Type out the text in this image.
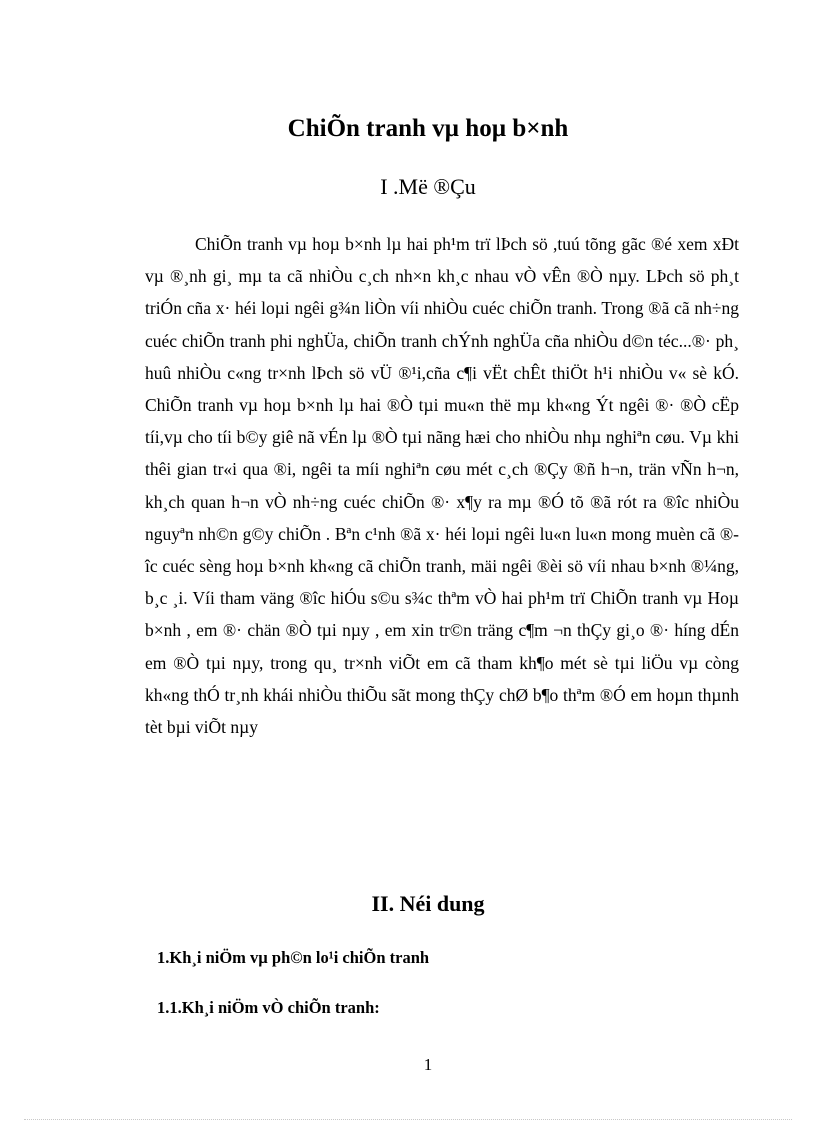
ChiÕn tranh vµ hoµ b×nh
I .Më ®Çu

ChiÕn tranh vµ hoµ b×nh lµ hai ph¹m trï lÞch sö ,tuú tõng gãc ®é xem xÐt vµ ®¸nh gi¸ mµ ta cã nhiÒu c¸ch nh×n kh¸c nhau vÒ vÊn ®Ò nµy. LÞch sö ph¸t triÓn cña x· héi loµi ngêi g¾n liÒn víi nhiÒu cuéc chiÕn tranh. Trong ®ã cã nh÷ng cuéc chiÕn tranh phi nghÜa, chiÕn tranh chÝnh nghÜa cña nhiÒu d©n téc...®· ph¸ huû nhiÒu c«ng tr×nh lÞch sö vÜ ®¹i,cña c¶i vËt chÊt thiÖt h¹i nhiÒu v« sè kÓ. ChiÕn tranh vµ hoµ b×nh lµ hai ®Ò tµi mu«n thë mµ kh«ng Ýt ngêi ®· ®Ò cËp tíi,vµ cho tíi b©y giê nã vÉn lµ ®Ò tµi nãng hæi cho nhiÒu nhµ nghiªn cøu. Vµ khi thêi gian tr«i qua ®i, ngêi ta míi nghiªn cøu mét c¸ch ®Çy ®ñ h¬n, trän vÑn h¬n, kh¸ch quan h¬n vÒ nh÷ng cuéc chiÕn ®· x¶y ra mµ ®Ó tõ ®ã rót ra ®îc nhiÒu nguyªn nh©n g©y chiÕn . Bªn c¹nh ®ã x· héi loµi ngêi lu«n lu«n mong muèn cã ®îc cuéc sèng hoµ b×nh kh«ng cã chiÕn tranh, mäi ngêi ®èi sö víi nhau b×nh ®¼ng, b¸c ¸i. Víi tham väng ®îc hiÓu s©u s¾c thªm vÒ hai ph¹m trï ChiÕn tranh vµ Hoµ b×nh , em ®· chän ®Ò tµi nµy , em xin tr©n träng c¶m ¬n thÇy gi¸o ®· híng dÉn em ®Ò tµi nµy, trong qu¸ tr×nh viÕt em cã tham kh¶o mét sè tµi liÖu vµ còng kh«ng thÓ tr¸nh khái nhiÒu thiÕu sãt mong thÇy chØ b¶o thªm ®Ó em hoµn thµnh tèt bµi viÕt nµy

II. Néi dung
1.Kh¸i niÖm vµ ph©n lo¹i chiÕn tranh
1.1.Kh¸i niÖm vÒ chiÕn tranh:
1
